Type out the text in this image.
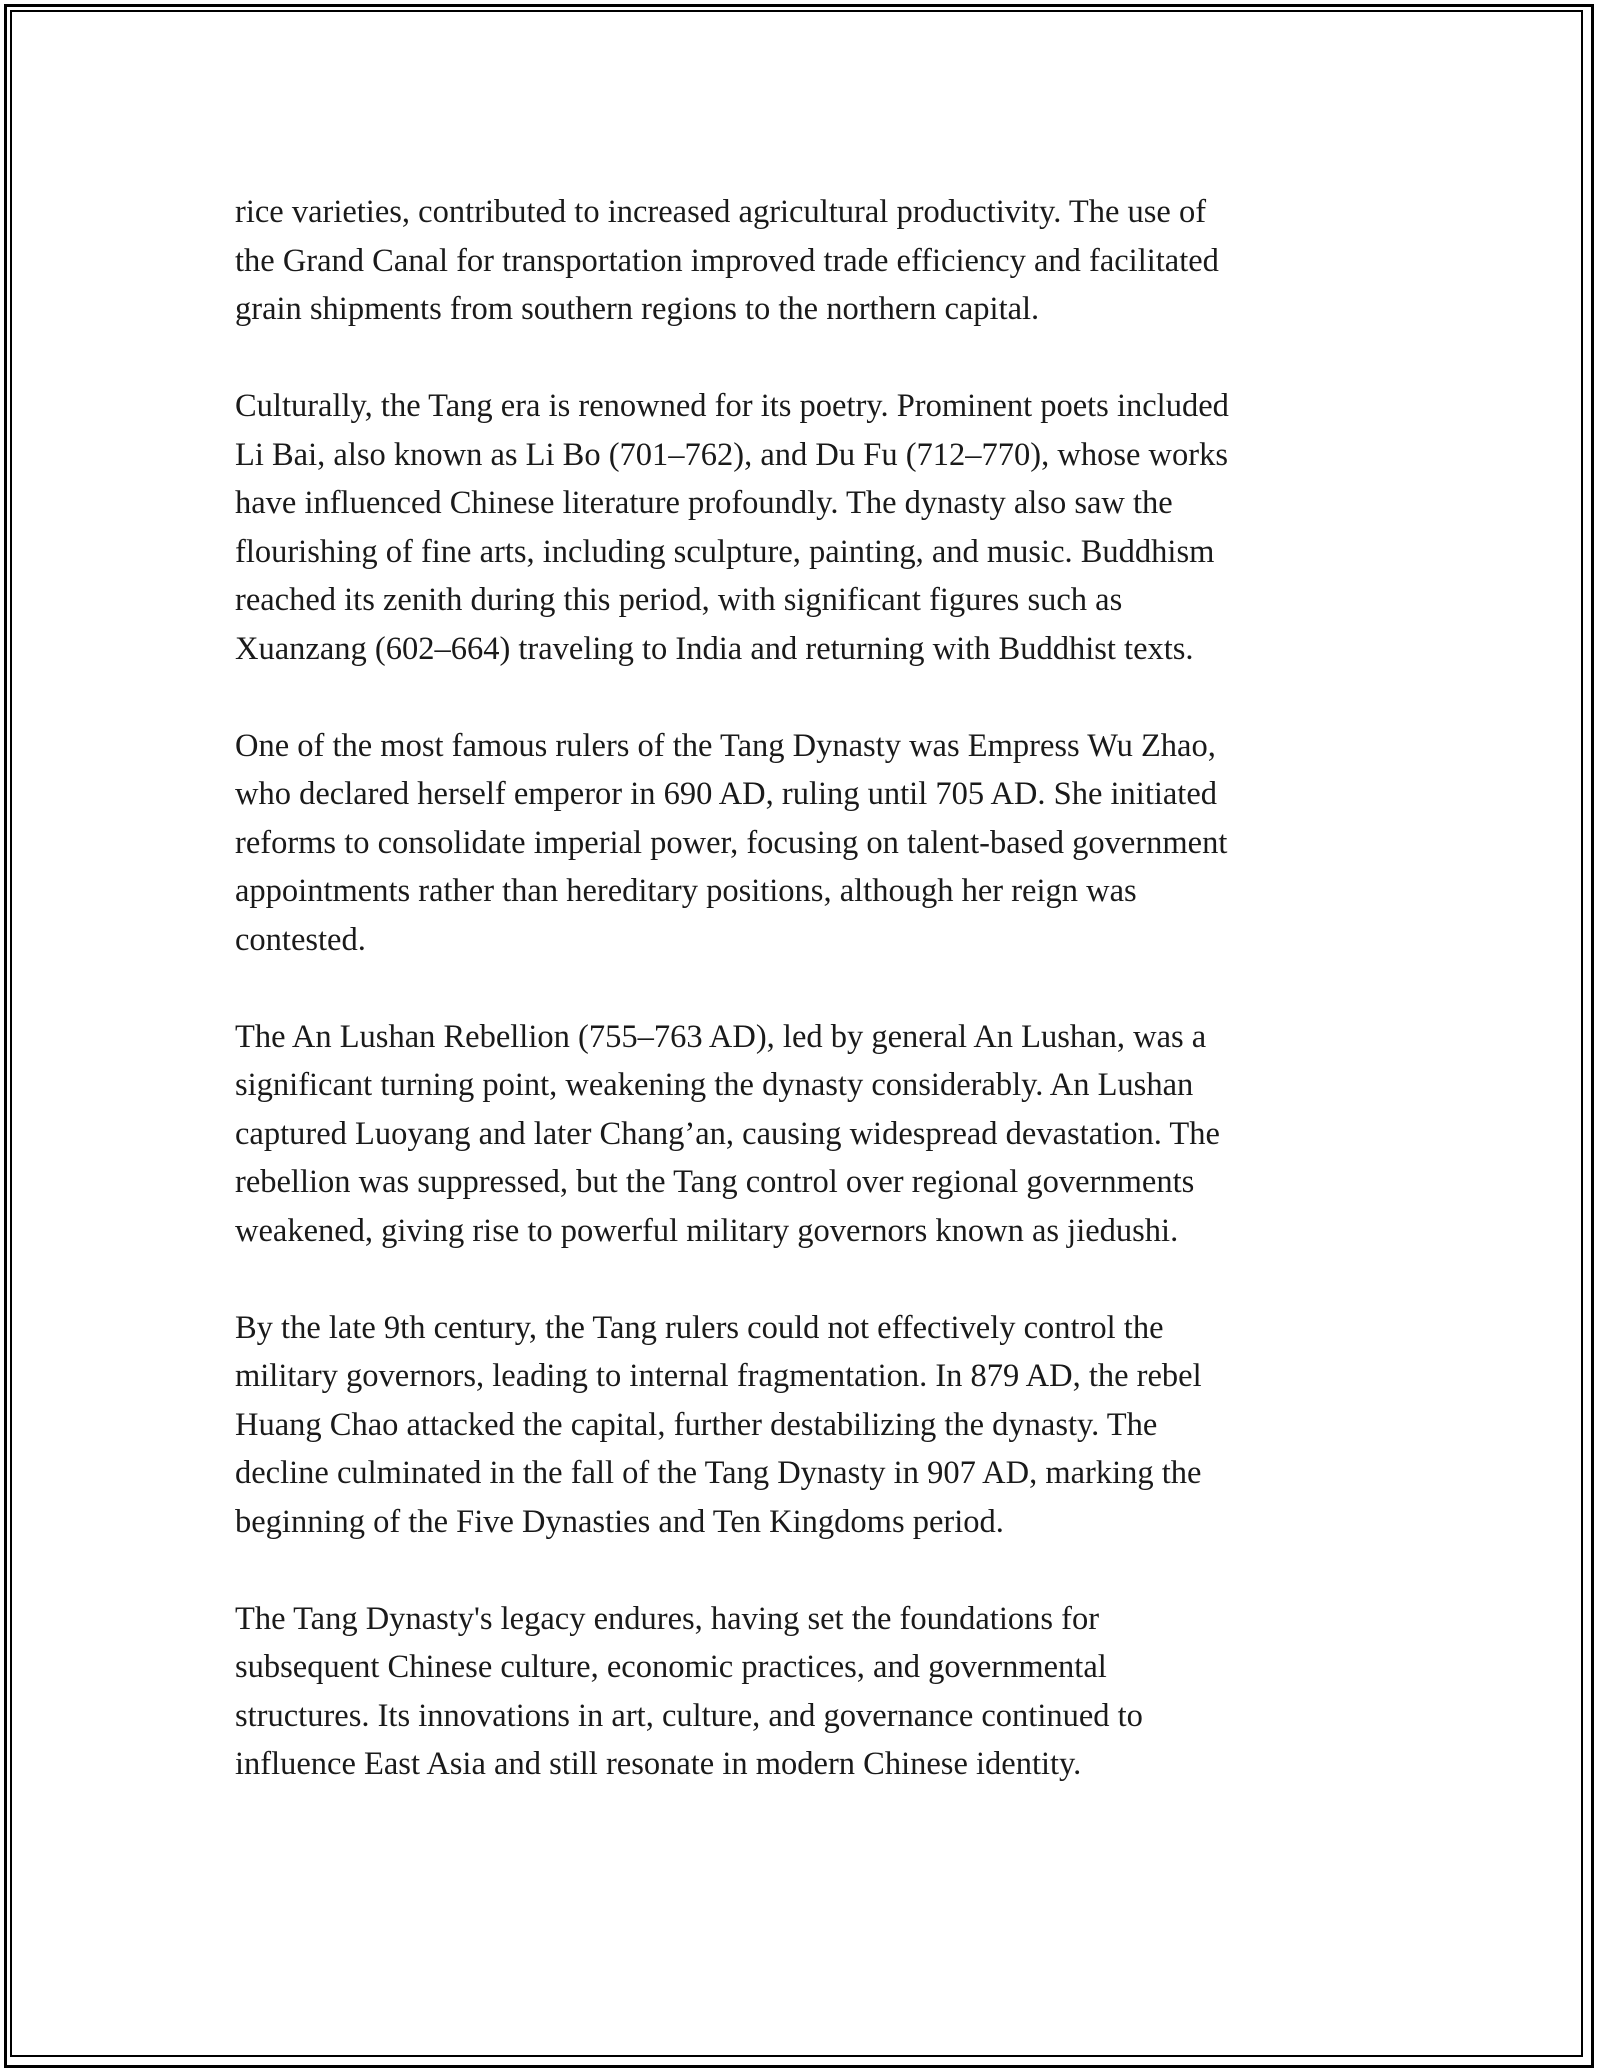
rice varieties, contributed to increased agricultural productivity. The use of
the Grand Canal for transportation improved trade efficiency and facilitated
grain shipments from southern regions to the northern capital.

Culturally, the Tang era is renowned for its poetry. Prominent poets included
Li Bai, also known as Li Bo (701–762), and Du Fu (712–770), whose works
have influenced Chinese literature profoundly. The dynasty also saw the
flourishing of fine arts, including sculpture, painting, and music. Buddhism
reached its zenith during this period, with significant figures such as
Xuanzang (602–664) traveling to India and returning with Buddhist texts.

One of the most famous rulers of the Tang Dynasty was Empress Wu Zhao,
who declared herself emperor in 690 AD, ruling until 705 AD. She initiated
reforms to consolidate imperial power, focusing on talent-based government
appointments rather than hereditary positions, although her reign was
contested.

The An Lushan Rebellion (755–763 AD), led by general An Lushan, was a
significant turning point, weakening the dynasty considerably. An Lushan
captured Luoyang and later Chang’an, causing widespread devastation. The
rebellion was suppressed, but the Tang control over regional governments
weakened, giving rise to powerful military governors known as jiedushi.

By the late 9th century, the Tang rulers could not effectively control the
military governors, leading to internal fragmentation. In 879 AD, the rebel
Huang Chao attacked the capital, further destabilizing the dynasty. The
decline culminated in the fall of the Tang Dynasty in 907 AD, marking the
beginning of the Five Dynasties and Ten Kingdoms period.

The Tang Dynasty's legacy endures, having set the foundations for
subsequent Chinese culture, economic practices, and governmental
structures. Its innovations in art, culture, and governance continued to
influence East Asia and still resonate in modern Chinese identity.
